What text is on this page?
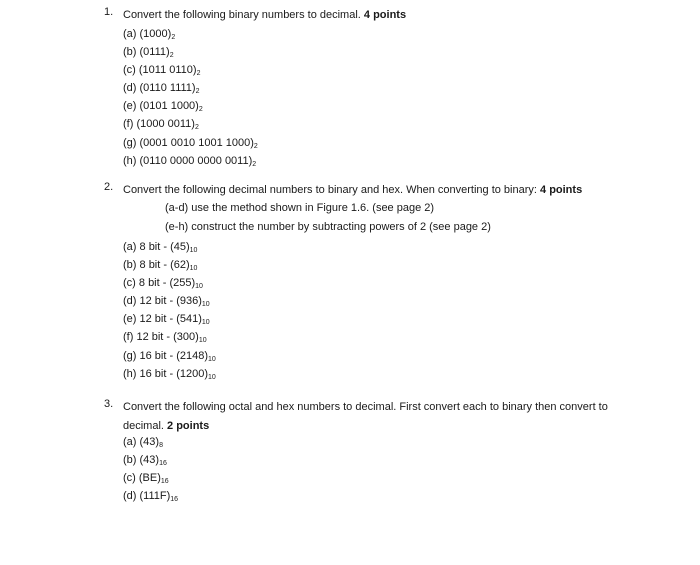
1. Convert the following binary numbers to decimal. 4 points
(a) $(1000)_2$
(b) $(0111)_2$
(c) (1011 $0110)_2$
(d) (0110 $1111)_2$
(e) (0101 $1000)_2$
(f) (1000 $0011)_2$
(g) (0001 0010 1001 $1000)_2$
(h) (0110 0000 0000 $0011)_2$
2. Convert the following decimal numbers to binary and hex. When converting to binary: 4 points
(a-d) use the method shown in Figure 1.6. (see page 2)
(e-h) construct the number by subtracting powers of 2 (see page 2)
(a) 8 bit - $(45)_{10}$
(b) 8 bit - $(62)_{10}$
(c) 8 bit - $(255)_{10}$
(d) 12 bit - $(936)_{10}$
(e) 12 bit - $(541)_{10}$
(f) 12 bit - $(300)_{10}$
(g) 16 bit - $(2148)_{10}$
(h) 16 bit - $(1200)_{10}$
3. Convert the following octal and hex numbers to decimal. First convert each to binary then convert to decimal. 2 points
(a) $(43)_8$
(b) $(43)_{16}$
(c) $(BE)_{16}$
(d) $(111F)_{16}$
